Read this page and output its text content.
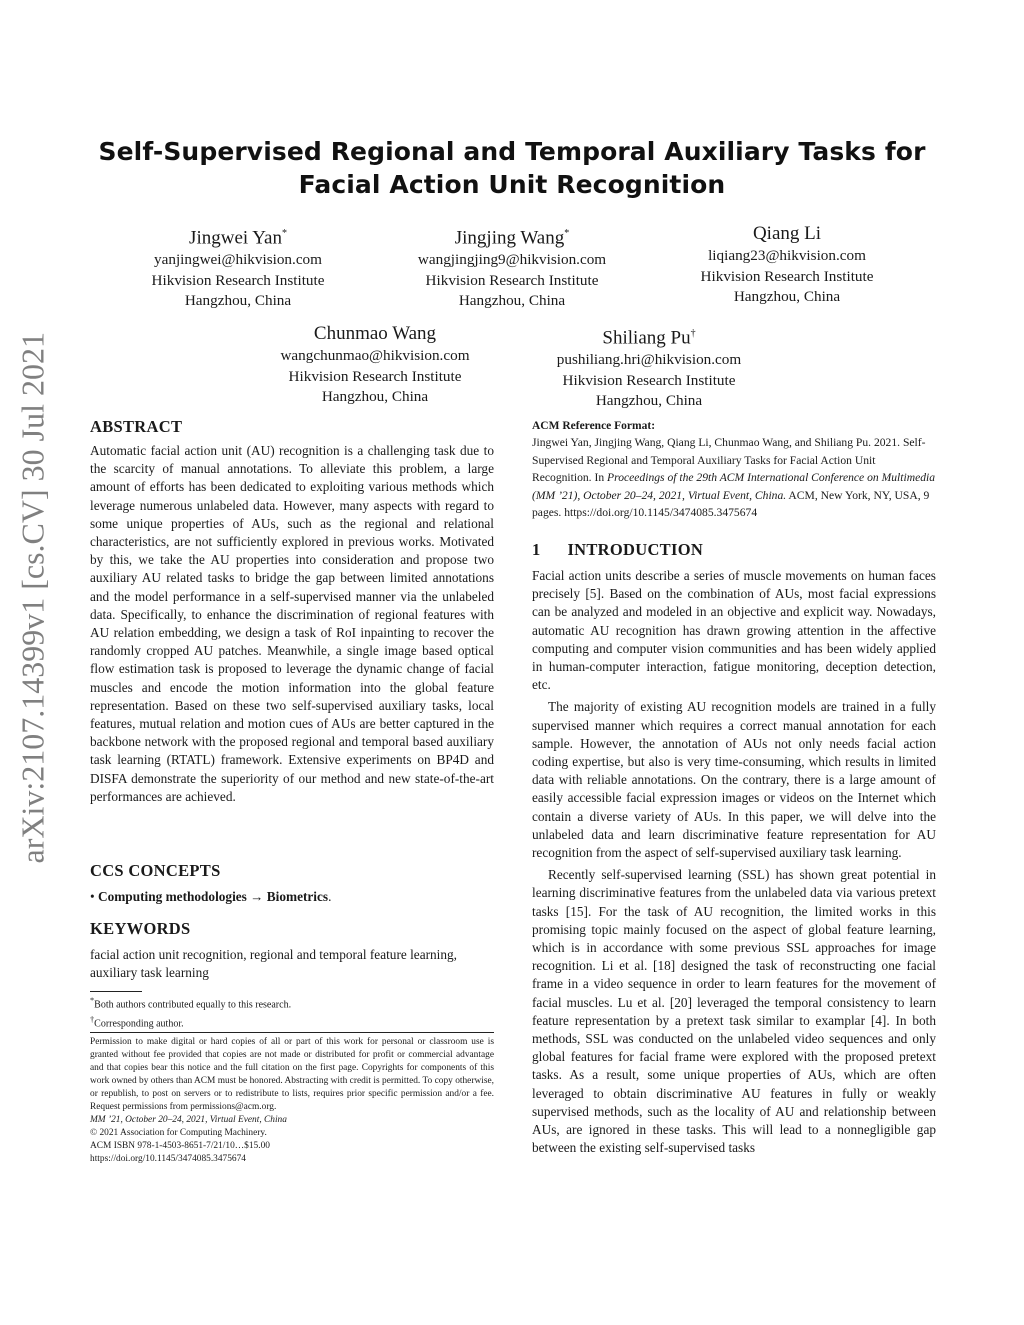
Self-Supervised Regional and Temporal Auxiliary Tasks for
Facial Action Unit Recognition
Jingwei Yan*
yanjingwei@hikvision.com
Hikvision Research Institute
Hangzhou, China
Jingjing Wang*
wangjingjing9@hikvision.com
Hikvision Research Institute
Hangzhou, China
Qiang Li
liqiang23@hikvision.com
Hikvision Research Institute
Hangzhou, China
Chunmao Wang
wangchunmao@hikvision.com
Hikvision Research Institute
Hangzhou, China
Shiliang Pu†
pushiliang.hri@hikvision.com
Hikvision Research Institute
Hangzhou, China
arXiv:2107.14399v1 [cs.CV] 30 Jul 2021 ABSTRACT

Automatic facial action unit (AU) recognition is a challenging task due to the scarcity of manual annotations. To alleviate this problem, a large amount of efforts has been dedicated to exploiting various methods which leverage numerous unlabeled data. However, many aspects with regard to some unique properties of AUs, such as the regional and relational characteristics, are not sufficiently explored in previous works. Motivated by this, we take the AU properties into consideration and propose two auxiliary AU related tasks to bridge the gap between limited annotations and the model performance in a self-supervised manner via the unlabeled data. Specifically, to enhance the discrimination of regional features with AU relation embedding, we design a task of RoI inpainting to recover the randomly cropped AU patches. Meanwhile, a single image based optical flow estimation task is proposed to leverage the dynamic change of facial muscles and encode the motion information into the global feature representation. Based on these two self-supervised auxiliary tasks, local features, mutual relation and motion cues of AUs are better captured in the backbone network with the proposed regional and temporal based auxiliary task learning (RTATL) framework. Extensive experiments on BP4D and DISFA demonstrate the superiority of our method and new state-of-the-art performances are achieved.

CCS CONCEPTS
• Computing methodologies → Biometrics.
KEYWORDS

facial action unit recognition, regional and temporal feature learning, auxiliary task learning

*Both authors contributed equally to this research.
†Corresponding author.

Permission to make digital or hard copies of all or part of this work for personal or classroom use is granted without fee provided that copies are not made or distributed for profit or commercial advantage and that copies bear this notice and the full citation on the first page. Copyrights for components of this work owned by others than ACM must be honored. Abstracting with credit is permitted. To copy otherwise, or republish, to post on servers or to redistribute to lists, requires prior specific permission and/or a fee. Request permissions from permissions@acm.org.

MM ’21, October 20–24, 2021, Virtual Event, China
© 2021 Association for Computing Machinery.
ACM ISBN 978-1-4503-8651-7/21/10…$15.00
https://doi.org/10.1145/3474085.3475674
ACM Reference Format:

Jingwei Yan, Jingjing Wang, Qiang Li, Chunmao Wang, and Shiliang Pu. 2021. Self-Supervised Regional and Temporal Auxiliary Tasks for Facial Action Unit Recognition. In Proceedings of the 29th ACM International Conference on Multimedia (MM ’21), October 20–24, 2021, Virtual Event, China. ACM, New York, NY, USA, 9 pages. https://doi.org/10.1145/3474085.3475674

1 INTRODUCTION

Facial action units describe a series of muscle movements on human faces precisely [5]. Based on the combination of AUs, most facial expressions can be analyzed and modeled in an objective and explicit way. Nowadays, automatic AU recognition has drawn growing attention in the affective computing and computer vision communities and has been widely applied in human-computer interaction, fatigue monitoring, deception detection, etc.

The majority of existing AU recognition models are trained in a fully supervised manner which requires a correct manual annotation for each sample. However, the annotation of AUs not only needs facial action coding expertise, but also is very time-consuming, which results in limited data with reliable annotations. On the contrary, there is a large amount of easily accessible facial expression images or videos on the Internet which contain a diverse variety of AUs. In this paper, we will delve into the unlabeled data and learn discriminative feature representation for AU recognition from the aspect of self-supervised auxiliary task learning.

Recently self-supervised learning (SSL) has shown great potential in learning discriminative features from the unlabeled data via various pretext tasks [15]. For the task of AU recognition, the limited works in this promising topic mainly focused on the aspect of global feature learning, which is in accordance with some previous SSL approaches for image recognition. Li et al. [18] designed the task of reconstructing one facial frame in a video sequence in order to learn features for the movement of facial muscles. Lu et al. [20] leveraged the temporal consistency to learn feature representation by a pretext task similar to examplar [4]. In both methods, SSL was conducted on the unlabeled video sequences and only global features for facial frame were explored with the proposed pretext tasks. As a result, some unique properties of AUs, which are often leveraged to obtain discriminative AU features in fully or weakly supervised methods, such as the locality of AU and relationship between AUs, are ignored in these tasks. This will lead to a nonnegligible gap between the existing self-supervised tasks
